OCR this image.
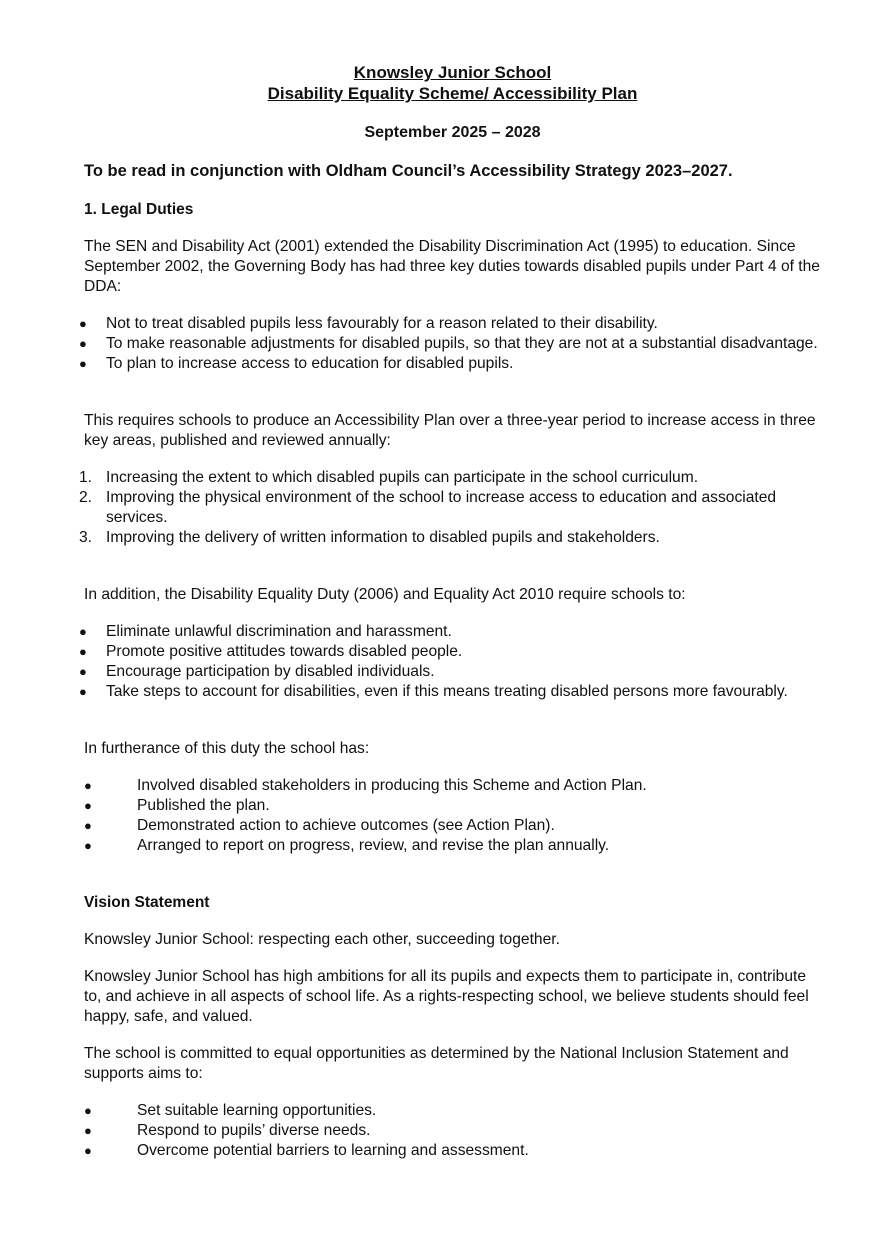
Knowsley Junior School
Disability Equality Scheme/ Accessibility Plan
September 2025 – 2028
To be read in conjunction with Oldham Council’s Accessibility Strategy 2023–2027.
1. Legal Duties

The SEN and Disability Act (2001) extended the Disability Discrimination Act (1995) to education. Since September 2002, the Governing Body has had three key duties towards disabled pupils under Part 4 of the DDA:

● Not to treat disabled pupils less favourably for a reason related to their disability.
● To make reasonable adjustments for disabled pupils, so that they are not at a substantial disadvantage.
● To plan to increase access to education for disabled pupils.

This requires schools to produce an Accessibility Plan over a three-year period to increase access in three key areas, published and reviewed annually:

1. Increasing the extent to which disabled pupils can participate in the school curriculum.
2. Improving the physical environment of the school to increase access to education and associated services.
3. Improving the delivery of written information to disabled pupils and stakeholders.

In addition, the Disability Equality Duty (2006) and Equality Act 2010 require schools to:

● Eliminate unlawful discrimination and harassment.
● Promote positive attitudes towards disabled people.
● Encourage participation by disabled individuals.
● Take steps to account for disabilities, even if this means treating disabled persons more favourably.

In furtherance of this duty the school has:

● Involved disabled stakeholders in producing this Scheme and Action Plan.
● Published the plan.
● Demonstrated action to achieve outcomes (see Action Plan).
● Arranged to report on progress, review, and revise the plan annually.
Vision Statement

Knowsley Junior School: respecting each other, succeeding together.

Knowsley Junior School has high ambitions for all its pupils and expects them to participate in, contribute to, and achieve in all aspects of school life. As a rights-respecting school, we believe students should feel happy, safe, and valued.

The school is committed to equal opportunities as determined by the National Inclusion Statement and supports aims to:

● Set suitable learning opportunities.
● Respond to pupils’ diverse needs.
● Overcome potential barriers to learning and assessment.
